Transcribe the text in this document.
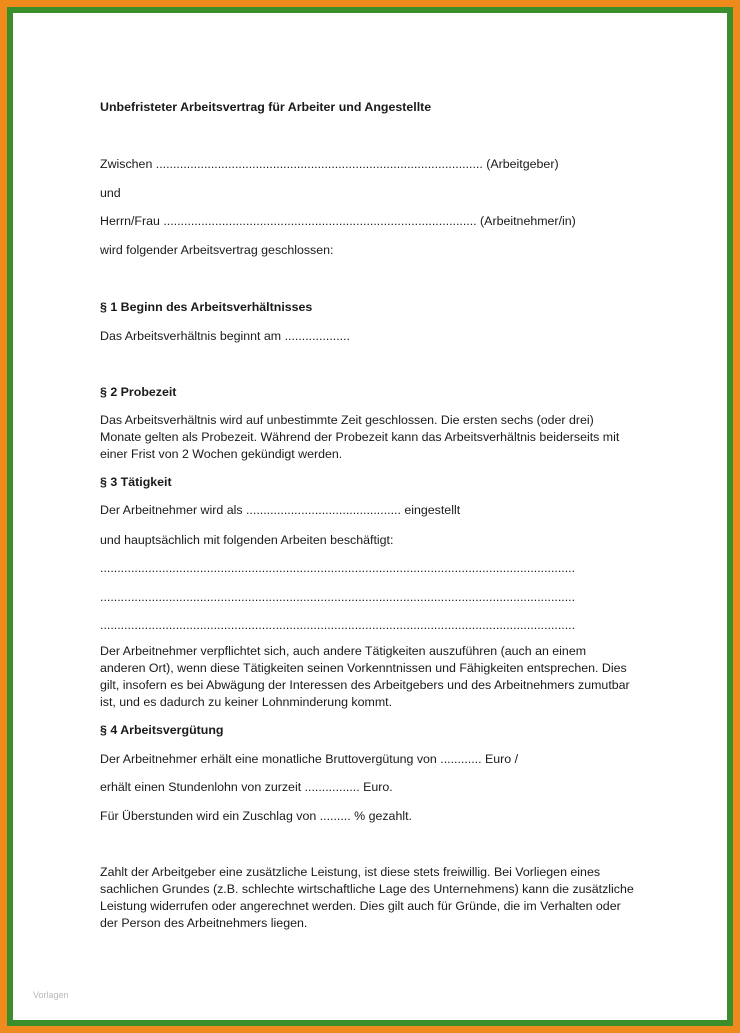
Unbefristeter Arbeitsvertrag für Arbeiter und Angestellte
Zwischen ............................................................................................... (Arbeitgeber)
und
Herrn/Frau ........................................................................................... (Arbeitnehmer/in)
wird folgender Arbeitsvertrag geschlossen:
§ 1 Beginn des Arbeitsverhältnisses
Das Arbeitsverhältnis beginnt am ...................
§ 2 Probezeit
Das Arbeitsverhältnis wird auf unbestimmte Zeit geschlossen. Die ersten sechs (oder drei)
Monate gelten als Probezeit. Während der Probezeit kann das Arbeitsverhältnis beiderseits mit
einer Frist von 2 Wochen gekündigt werden.
§ 3 Tätigkeit
Der Arbeitnehmer wird als ............................................. eingestellt
und hauptsächlich mit folgenden Arbeiten beschäftigt:
..........................................................................................................................................
..........................................................................................................................................
..........................................................................................................................................
Der Arbeitnehmer verpflichtet sich, auch andere Tätigkeiten auszuführen (auch an einem
anderen Ort), wenn diese Tätigkeiten seinen Vorkenntnissen und Fähigkeiten entsprechen. Dies
gilt, insofern es bei Abwägung der Interessen des Arbeitgebers und des Arbeitnehmers zumutbar
ist, und es dadurch zu keiner Lohnminderung kommt.
§ 4 Arbeitsvergütung
Der Arbeitnehmer erhält eine monatliche Bruttovergütung von ............ Euro /
erhält einen Stundenlohn von zurzeit ................ Euro.
Für Überstunden wird ein Zuschlag von ......... % gezahlt.
Zahlt der Arbeitgeber eine zusätzliche Leistung, ist diese stets freiwillig. Bei Vorliegen eines
sachlichen Grundes (z.B. schlechte wirtschaftliche Lage des Unternehmens) kann die zusätzliche
Leistung widerrufen oder angerechnet werden. Dies gilt auch für Gründe, die im Verhalten oder
der Person des Arbeitnehmers liegen.
Vorlagen
